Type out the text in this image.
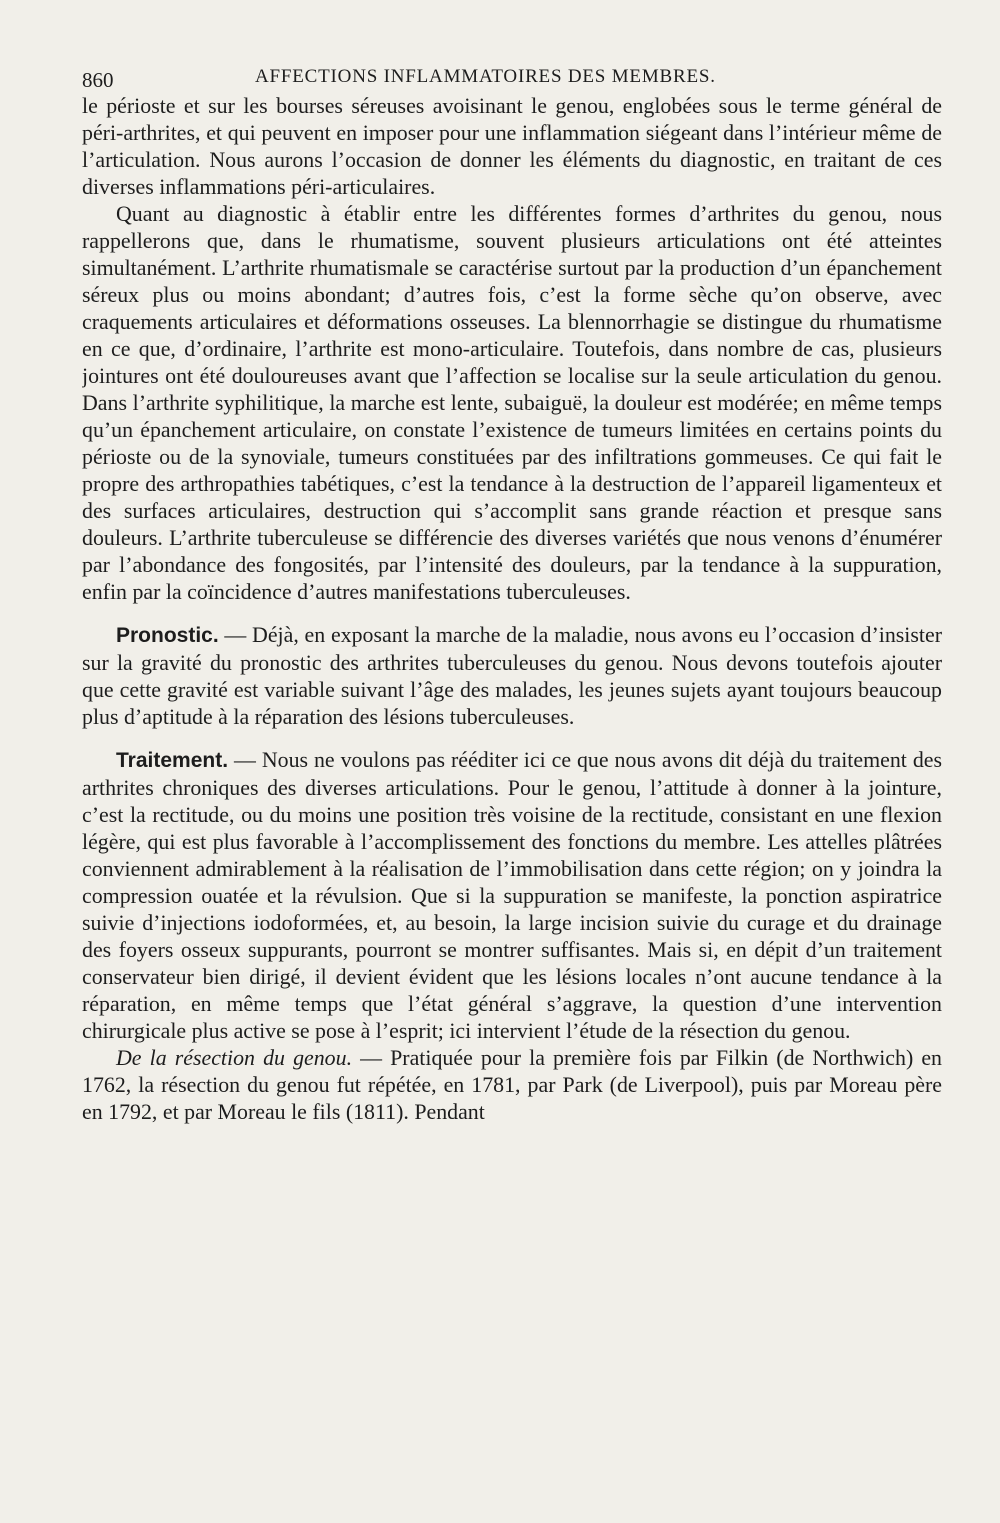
860	AFFECTIONS INFLAMMATOIRES DES MEMBRES.

le périoste et sur les bourses séreuses avoisinant le genou, englobées sous le terme général de péri-arthrites, et qui peuvent en imposer pour une inflammation siégeant dans l’intérieur même de l’articulation. Nous aurons l’occasion de donner les éléments du diagnostic, en traitant de ces diverses inflammations péri-articulaires.

Quant au diagnostic à établir entre les différentes formes d’arthrites du genou, nous rappellerons que, dans le rhumatisme, souvent plusieurs articulations ont été atteintes simultanément. L’arthrite rhumatismale se caractérise surtout par la production d’un épanchement séreux plus ou moins abondant; d’autres fois, c’est la forme sèche qu’on observe, avec craquements articulaires et déformations osseuses. La blennorrhagie se distingue du rhumatisme en ce que, d’ordinaire, l’arthrite est mono-articulaire. Toutefois, dans nombre de cas, plusieurs jointures ont été douloureuses avant que l’affection se localise sur la seule articulation du genou. Dans l’arthrite syphilitique, la marche est lente, subaiguë, la douleur est modérée; en même temps qu’un épanchement articulaire, on constate l’existence de tumeurs limitées en certains points du périoste ou de la synoviale, tumeurs constituées par des infiltrations gommeuses. Ce qui fait le propre des arthropathies tabétiques, c’est la tendance à la destruction de l’appareil ligamenteux et des surfaces articulaires, destruction qui s’accomplit sans grande réaction et presque sans douleurs. L’arthrite tuberculeuse se différencie des diverses variétés que nous venons d’énumérer par l’abondance des fongosités, par l’intensité des douleurs, par la tendance à la suppuration, enfin par la coïncidence d’autres manifestations tuberculeuses.

Pronostic. — Déjà, en exposant la marche de la maladie, nous avons eu l’occasion d’insister sur la gravité du pronostic des arthrites tuberculeuses du genou. Nous devons toutefois ajouter que cette gravité est variable suivant l’âge des malades, les jeunes sujets ayant toujours beaucoup plus d’aptitude à la réparation des lésions tuberculeuses.

Traitement. — Nous ne voulons pas rééditer ici ce que nous avons dit déjà du traitement des arthrites chroniques des diverses articulations. Pour le genou, l’attitude à donner à la jointure, c’est la rectitude, ou du moins une position très voisine de la rectitude, consistant en une flexion légère, qui est plus favorable à l’accomplissement des fonctions du membre. Les attelles plâtrées conviennent admirablement à la réalisation de l’immobilisation dans cette région; on y joindra la compression ouatée et la révulsion. Que si la suppuration se manifeste, la ponction aspiratrice suivie d’injections iodoformées, et, au besoin, la large incision suivie du curage et du drainage des foyers osseux suppurants, pourront se montrer suffisantes. Mais si, en dépit d’un traitement conservateur bien dirigé, il devient évident que les lésions locales n’ont aucune tendance à la réparation, en même temps que l’état général s’aggrave, la question d’une intervention chirurgicale plus active se pose à l’esprit; ici intervient l’étude de la résection du genou.

De la résection du genou. — Pratiquée pour la première fois par Filkin (de Northwich) en 1762, la résection du genou fut répétée, en 1781, par Park (de Liverpool), puis par Moreau père en 1792, et par Moreau le fils (1811). Pendant
